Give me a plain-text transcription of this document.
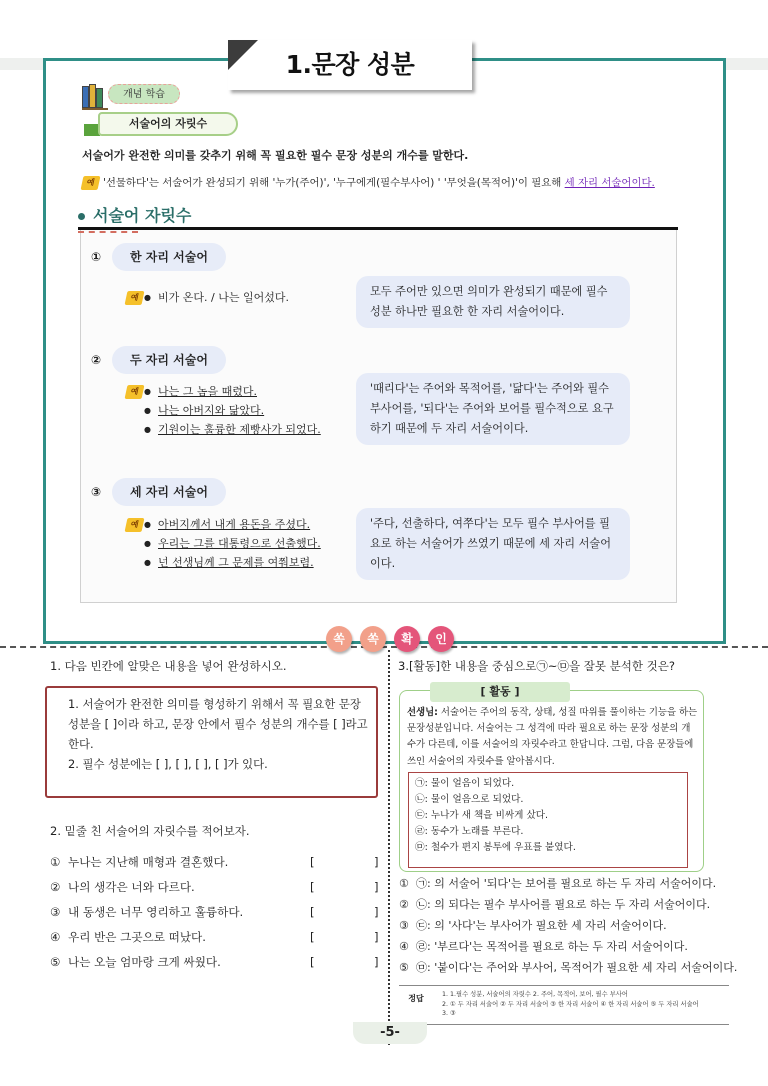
1.문장 성분
개념 학습
서술어의 자릿수
서술어가 완전한 의미를 갖추기 위해 꼭 필요한 필수 문장 성분의 개수를 말한다.
예 '선물하다'는 서술어가 완성되기 위해 '누가(주어)', '누구에게(필수부사어) ' '무엇을(목적어)'이 필요해 세 자리 서술어이다.
서술어 자릿수
①	한 자리 서술어
● 예	비가 온다. / 나는 일어섰다.	모두 주어만 있으면 의미가 완성되기 때문에 필수 성분 하나만 필요한 한 자리 서술어이다.
②	두 자리 서술어
● 예	나는 그 놈을 때렸다.
● 나는 아버지와 닮았다.
● 기원이는 훌륭한 제빵사가 되었다.
'때리다'는 주어와 목적어를, '닮다'는 주어와 필수 부사어를, '되다'는 주어와 보어를 필수적으로 요구하기 때문에 두 자리 서술어이다.
③	세 자리 서술어
● 예	아버지께서 내게 용돈을 주셨다.
● 우리는 그를 대통령으로 선출했다.
● 넌 선생님께 그 문제를 여쭤보렴.
'주다, 선출하다, 여쭈다'는 모두 필수 부사어를 필요로 하는 서술어가 쓰였기 때문에 세 자리 서술어이다.
쏙	쏙	확	인
1. 다음 빈칸에 알맞은 내용을 넣어 완성하시오.
1. 서술어가 완전한 의미를 형성하기 위해서 꼭 필요한 문장 성분을 [ ]이라 하고, 문장 안에서 필수 성분의 개수를 [ ]라고 한다.
2. 필수 성분에는 [ ], [ ], [ ], [ ]가 있다.
2. 밑줄 친 서술어의 자릿수를 적어보자.
① 누나는 지난해 매형과 결혼했다.	[	]
② 나의 생각은 너와 다르다.	[	]
③ 내 동생은 너무 영리하고 훌륭하다.	[	]
④ 우리 반은 그곳으로 떠났다.	[	]
⑤ 나는 오늘 엄마랑 크게 싸웠다.	[	]
3.[활동]한 내용을 중심으로㉠~㉤을 잘못 분석한 것은?
[ 활동 ]
선생님: 서술어는 주어의 동작, 상태, 성질 따위를 풀이하는 기능을 하는 문장성분입니다. 서술어는 그 성격에 따라 필요로 하는 문장 성분의 개수가 다른데, 이를 서술어의 자릿수라고 한답니다. 그럼, 다음 문장들에 쓰인 서술어의 자릿수를 알아봅시다.
㉠: 물이 얼음이 되었다.
㉡: 물이 얼음으로 되었다.
㉢: 누나가 새 책을 비싸게 샀다.
㉣: 동수가 노래를 부른다.
㉤: 철수가 편지 봉투에 우표를 붙였다.
① ㉠: 의 서술어 '되다'는 보어를 필요로 하는 두 자리 서술어이다.
② ㉡: 의 되다는 필수 부사어를 필요로 하는 두 자리 서술어이다.
③ ㉢: 의 '사다'는 부사어가 필요한 세 자리 서술어이다.
④ ㉣: '부르다'는 목적어를 필요로 하는 두 자리 서술어이다.
⑤ ㉤: '붙이다'는 주어와 부사어, 목적어가 필요한 세 자리 서술어이다.
정답	1. 1.필수 성분, 서술어의 자릿수 2. 주어, 목적어, 보어, 필수 부사어
2. ① 두 자리 서술어 ② 두 자리 서술어 ③ 한 자리 서술어 ④ 한 자리 서술어 ⑤ 두 자리 서술어
3. ③
-5-
